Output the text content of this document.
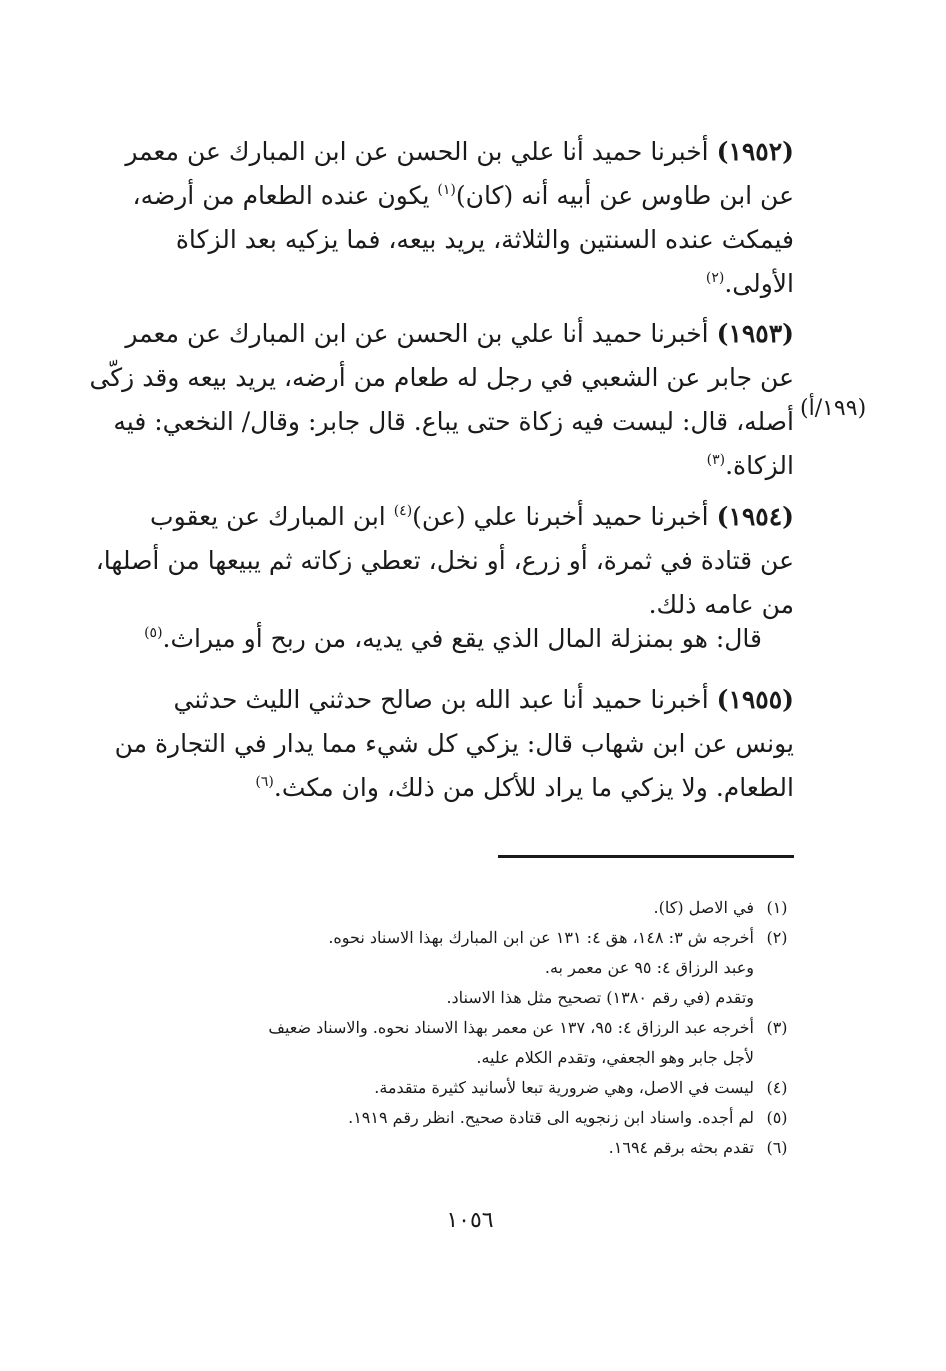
(١٩٥٢) أخبرنا حميد أنا علي بن الحسن عن ابن المبارك عن معمر
عن ابن طاوس عن أبيه أنه (كان)$^{(١)}$ يكون عنده الطعام من أرضه،
فيمكث عنده السنتين والثلاثة، يريد بيعه، فما يزكيه بعد الزكاة
الأولى.$^{(٢)}$
(١٩٥٣) أخبرنا حميد أنا علي بن الحسن عن ابن المبارك عن معمر
عن جابر عن الشعبي في رجل له طعام من أرضه، يريد بيعه وقد زكّى
أصله، قال: ليست فيه زكاة حتى يباع. قال جابر: وقال/ النخعي: فيه
الزكاة.$^{(٣)}$
(١٩٩/أ)
(١٩٥٤) أخبرنا حميد أخبرنا علي (عن)$^{(٤)}$ ابن المبارك عن يعقوب
عن قتادة في ثمرة، أو زرع، أو نخل، تعطي زكاته ثم يبيعها من أصلها،
من عامه ذلك.
قال: هو بمنزلة المال الذي يقع في يديه، من ربح أو ميراث.$^{(٥)}$
(١٩٥٥) أخبرنا حميد أنا عبد الله بن صالح حدثني الليث حدثني
يونس عن ابن شهاب قال: يزكي كل شيء مما يدار في التجارة من
الطعام. ولا يزكي ما يراد للأكل من ذلك، وان مكث.$^{(٦)}$
(١)
في الاصل (كا).
(٢)
أخرجه ش ٣: ١٤٨، هق ٤: ١٣١ عن ابن المبارك بهذا الاسناد نحوه.
وعبد الرزاق ٤: ٩٥ عن معمر به.
وتقدم (في رقم ١٣٨٠) تصحيح مثل هذا الاسناد.
(٣)
أخرجه عبد الرزاق ٤: ٩٥، ١٣٧ عن معمر بهذا الاسناد نحوه. والاسناد ضعيف
لأجل جابر وهو الجعفي، وتقدم الكلام عليه.
(٤)
ليست في الاصل، وهي ضرورية تبعا لأسانيد كثيرة متقدمة.
(٥)
لم أجده. واسناد ابن زنجويه الى قتادة صحيح. انظر رقم ١٩١٩.
(٦)
تقدم بحثه برقم ١٦٩٤.
١٠٥٦
